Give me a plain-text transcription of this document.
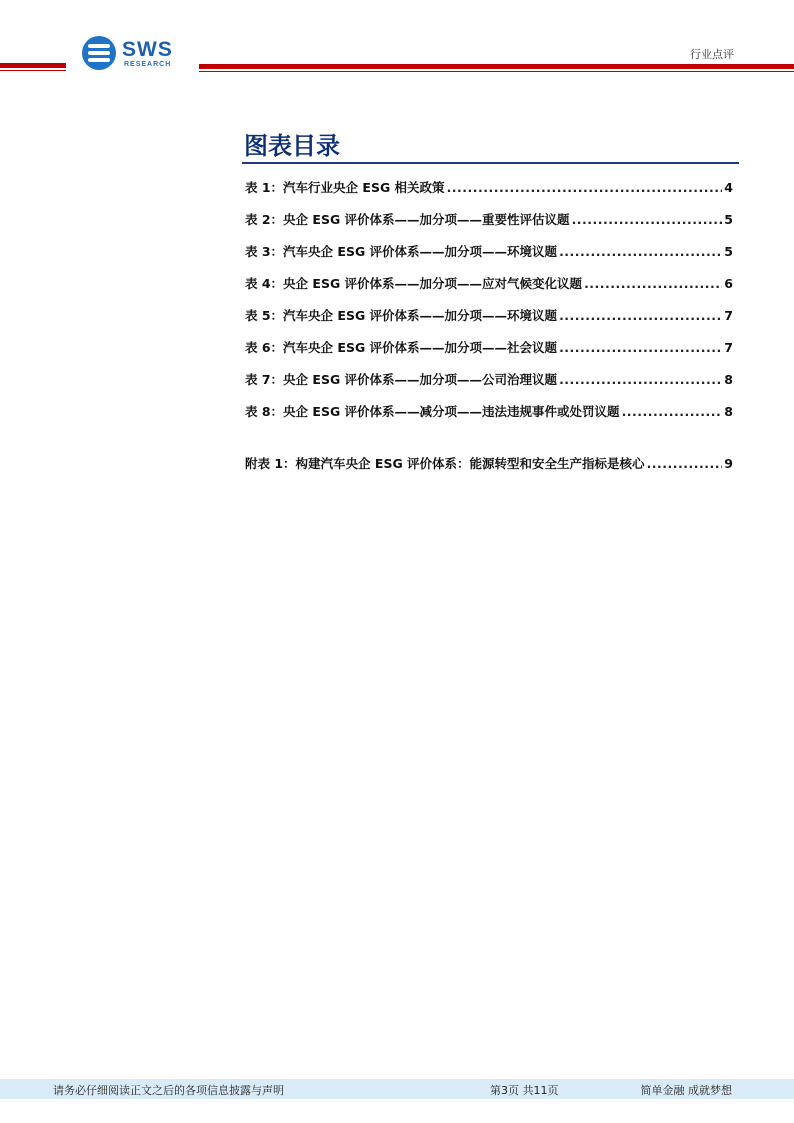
SWS
RESEARCH
行业点评
图表目录
表 1：汽车行业央企 ESG 相关政策 .....	4
表 2：央企 ESG 评价体系——加分项——重要性评估议题 .....	5
表 3：汽车央企 ESG 评价体系——加分项——环境议题 .....	5
表 4：央企 ESG 评价体系——加分项——应对气候变化议题 .....	6
表 5：汽车央企 ESG 评价体系——加分项——环境议题 .....	7
表 6：汽车央企 ESG 评价体系——加分项——社会议题 .....	7
表 7：央企 ESG 评价体系——加分项——公司治理议题 .....	8
表 8：央企 ESG 评价体系——减分项——违法违规事件或处罚议题 .....	8
附表 1：构建汽车央企 ESG 评价体系：能源转型和安全生产指标是核心 .....	9
请务必仔细阅读正文之后的各项信息披露与声明	第3页 共11页	简单金融 成就梦想
